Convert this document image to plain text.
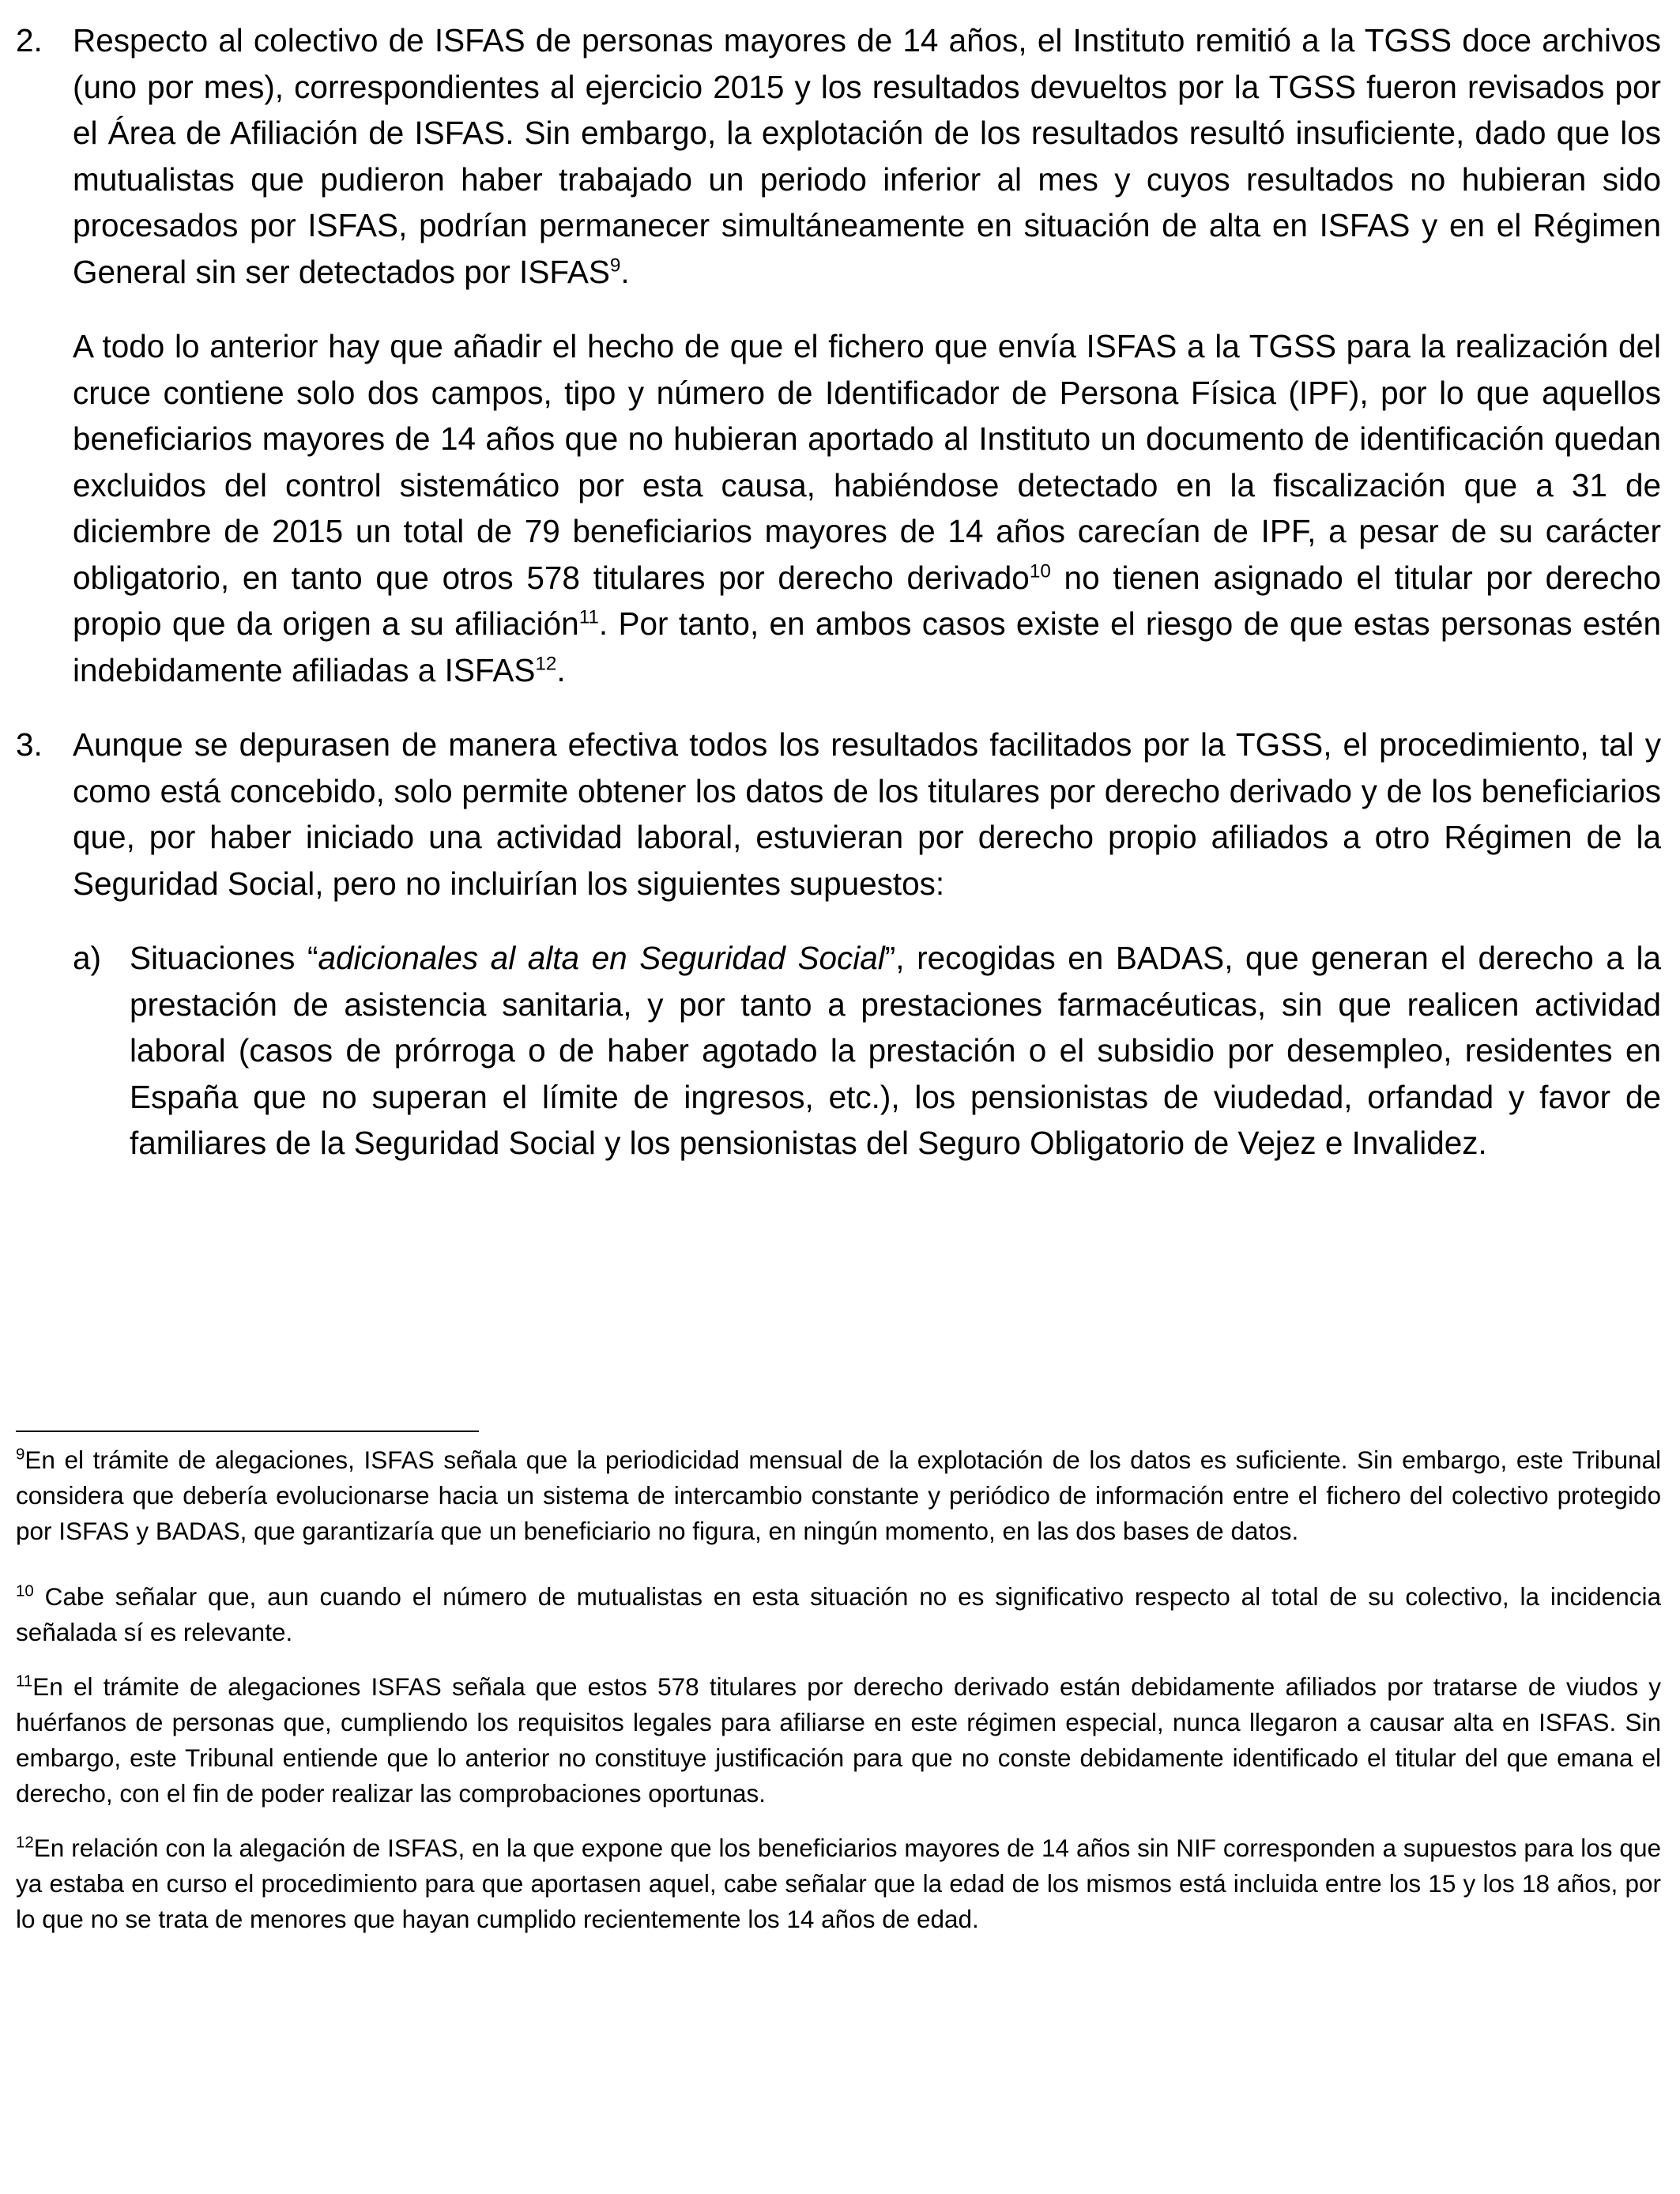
2. Respecto al colectivo de ISFAS de personas mayores de 14 años, el Instituto remitió a la TGSS doce archivos (uno por mes), correspondientes al ejercicio 2015 y los resultados devueltos por la TGSS fueron revisados por el Área de Afiliación de ISFAS. Sin embargo, la explotación de los resultados resultó insuficiente, dado que los mutualistas que pudieron haber trabajado un periodo inferior al mes y cuyos resultados no hubieran sido procesados por ISFAS, podrían permanecer simultáneamente en situación de alta en ISFAS y en el Régimen General sin ser detectados por ISFAS$^9$.

A todo lo anterior hay que añadir el hecho de que el fichero que envía ISFAS a la TGSS para la realización del cruce contiene solo dos campos, tipo y número de Identificador de Persona Física (IPF), por lo que aquellos beneficiarios mayores de 14 años que no hubieran aportado al Instituto un documento de identificación quedan excluidos del control sistemático por esta causa, habiéndose detectado en la fiscalización que a 31 de diciembre de 2015 un total de 79 beneficiarios mayores de 14 años carecían de IPF, a pesar de su carácter obligatorio, en tanto que otros 578 titulares por derecho derivado$^{10}$ no tienen asignado el titular por derecho propio que da origen a su afiliación$^{11}$. Por tanto, en ambos casos existe el riesgo de que estas personas estén indebidamente afiliadas a ISFAS$^{12}$.

3. Aunque se depurasen de manera efectiva todos los resultados facilitados por la TGSS, el procedimiento, tal y como está concebido, solo permite obtener los datos de los titulares por derecho derivado y de los beneficiarios que, por haber iniciado una actividad laboral, estuvieran por derecho propio afiliados a otro Régimen de la Seguridad Social, pero no incluirían los siguientes supuestos:

a) Situaciones “adicionales al alta en Seguridad Social”, recogidas en BADAS, que generan el derecho a la prestación de asistencia sanitaria, y por tanto a prestaciones farmacéuticas, sin que realicen actividad laboral (casos de prórroga o de haber agotado la prestación o el subsidio por desempleo, residentes en España que no superan el límite de ingresos, etc.), los pensionistas de viudedad, orfandad y favor de familiares de la Seguridad Social y los pensionistas del Seguro Obligatorio de Vejez e Invalidez.

$^9$En el trámite de alegaciones, ISFAS señala que la periodicidad mensual de la explotación de los datos es suficiente. Sin embargo, este Tribunal considera que debería evolucionarse hacia un sistema de intercambio constante y periódico de información entre el fichero del colectivo protegido por ISFAS y BADAS, que garantizaría que un beneficiario no figura, en ningún momento, en las dos bases de datos.

$^{10}$ Cabe señalar que, aun cuando el número de mutualistas en esta situación no es significativo respecto al total de su colectivo, la incidencia señalada sí es relevante.

$^{11}$En el trámite de alegaciones ISFAS señala que estos 578 titulares por derecho derivado están debidamente afiliados por tratarse de viudos y huérfanos de personas que, cumpliendo los requisitos legales para afiliarse en este régimen especial, nunca llegaron a causar alta en ISFAS. Sin embargo, este Tribunal entiende que lo anterior no constituye justificación para que no conste debidamente identificado el titular del que emana el derecho, con el fin de poder realizar las comprobaciones oportunas.

$^{12}$En relación con la alegación de ISFAS, en la que expone que los beneficiarios mayores de 14 años sin NIF corresponden a supuestos para los que ya estaba en curso el procedimiento para que aportasen aquel, cabe señalar que la edad de los mismos está incluida entre los 15 y los 18 años, por lo que no se trata de menores que hayan cumplido recientemente los 14 años de edad.
